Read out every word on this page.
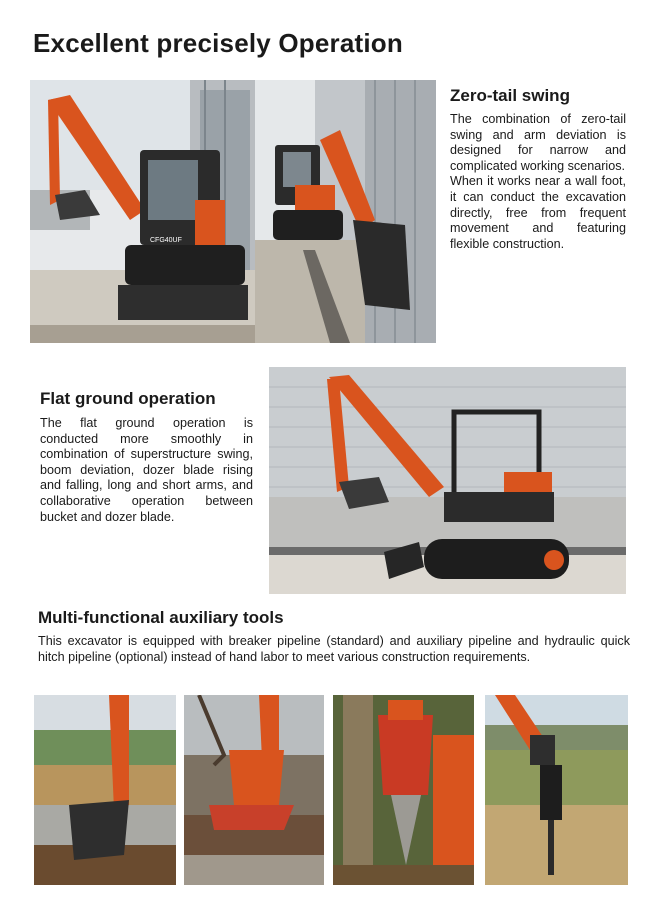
Excellent precisely Operation
CFG40UF
Zero-tail swing

The combination of zero-tail swing and arm deviation is designed for narrow and complicated working scenarios.

When it works near a wall foot, it can conduct the excavation directly, free from frequent movement and featuring flexible construction.

Flat ground operation

The flat ground operation is conducted more smoothly in combination of superstructure swing, boom deviation, dozer blade rising and falling, long and short arms, and collaborative operation between bucket and dozer blade.

Multi-functional auxiliary tools

This excavator is equipped with breaker pipeline (standard) and auxiliary pipeline and hydraulic quick hitch pipeline (optional) instead of hand labor to meet various construction requirements.
